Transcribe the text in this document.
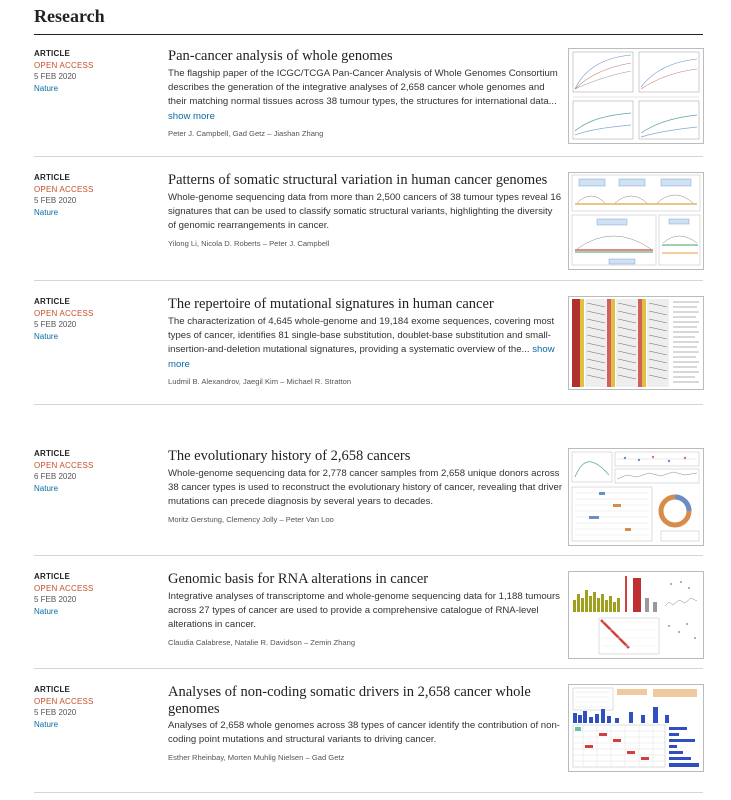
Research
ARTICLE
OPEN ACCESS
5 FEB 2020
Nature
Pan-cancer analysis of whole genomes
The flagship paper of the ICGC/TCGA Pan-Cancer Analysis of Whole Genomes Consortium describes the generation of the integrative analyses of 2,658 cancer whole genomes and their matching normal tissues across 38 tumour types, the structures for international data... show more
Peter J. Campbell, Gad Getz – Jiashan Zhang
ARTICLE
OPEN ACCESS
5 FEB 2020
Nature
Patterns of somatic structural variation in human cancer genomes
Whole-genome sequencing data from more than 2,500 cancers of 38 tumour types reveal 16 signatures that can be used to classify somatic structural variants, highlighting the diversity of genomic rearrangements in cancer.
Yilong Li, Nicola D. Roberts – Peter J. Campbell
ARTICLE
OPEN ACCESS
5 FEB 2020
Nature
The repertoire of mutational signatures in human cancer
The characterization of 4,645 whole-genome and 19,184 exome sequences, covering most types of cancer, identifies 81 single-base substitution, doublet-base substitution and small-insertion-and-deletion mutational signatures, providing a systematic overview of the... show more
Ludmil B. Alexandrov, Jaegil Kim – Michael R. Stratton
ARTICLE
OPEN ACCESS
6 FEB 2020
Nature
The evolutionary history of 2,658 cancers
Whole-genome sequencing data for 2,778 cancer samples from 2,658 unique donors across 38 cancer types is used to reconstruct the evolutionary history of cancer, revealing that driver mutations can precede diagnosis by several years to decades.
Moritz Gerstung, Clemency Jolly – Peter Van Loo
ARTICLE
OPEN ACCESS
5 FEB 2020
Nature
Genomic basis for RNA alterations in cancer
Integrative analyses of transcriptome and whole-genome sequencing data for 1,188 tumours across 27 types of cancer are used to provide a comprehensive catalogue of RNA-level alterations in cancer.
Claudia Calabrese, Natalie R. Davidson – Zemin Zhang
ARTICLE
OPEN ACCESS
5 FEB 2020
Nature
Analyses of non-coding somatic drivers in 2,658 cancer whole genomes
Analyses of 2,658 whole genomes across 38 types of cancer identify the contribution of non-coding point mutations and structural variants to driving cancer.
Esther Rheinbay, Morten Muhlig Nielsen – Gad Getz
